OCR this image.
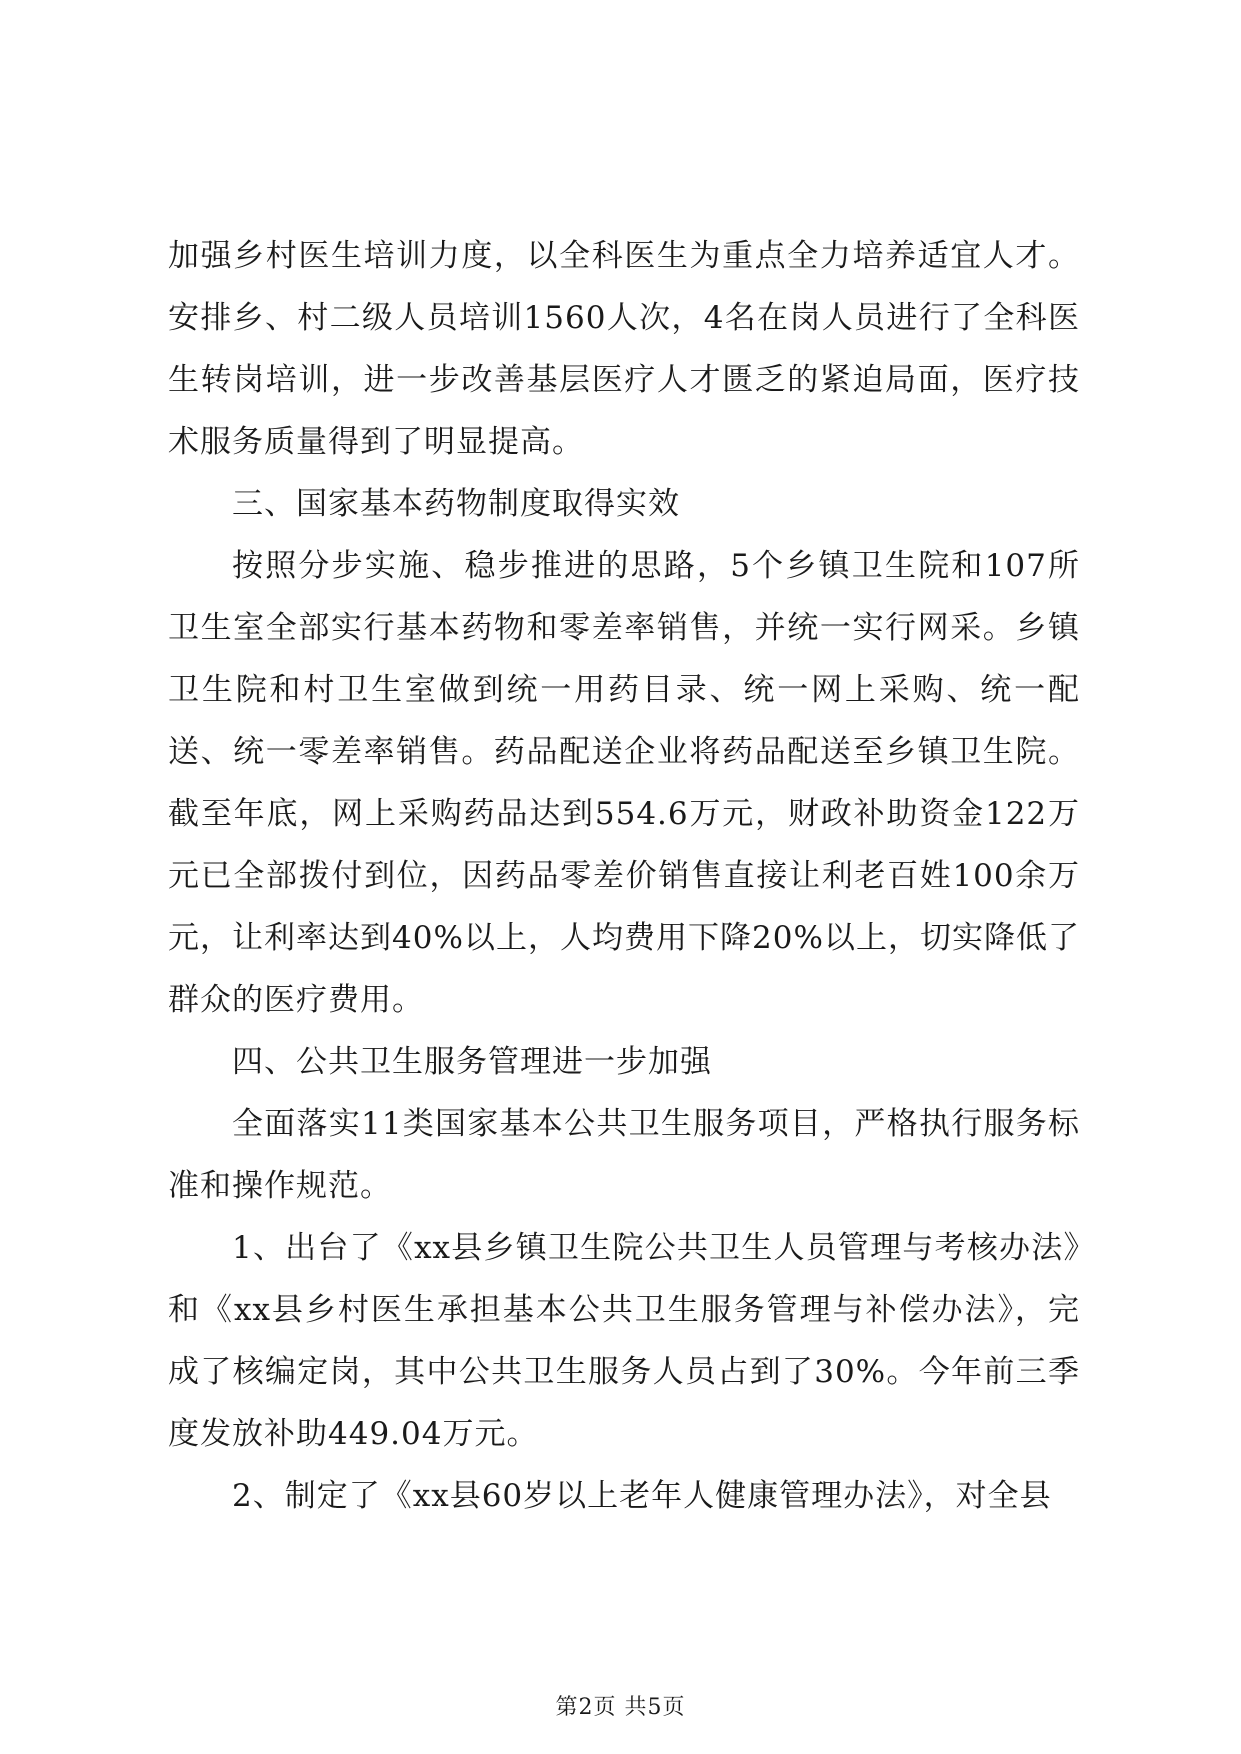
加强乡村医生培训力度，以全科医生为重点全力培养适宜人才。安排乡、村二级人员培训1560人次，4名在岗人员进行了全科医生转岗培训，进一步改善基层医疗人才匮乏的紧迫局面，医疗技术服务质量得到了明显提高。

三、国家基本药物制度取得实效

按照分步实施、稳步推进的思路，5个乡镇卫生院和107所卫生室全部实行基本药物和零差率销售，并统一实行网采。乡镇卫生院和村卫生室做到统一用药目录、统一网上采购、统一配送、统一零差率销售。药品配送企业将药品配送至乡镇卫生院。截至年底，网上采购药品达到554.6万元，财政补助资金122万元已全部拨付到位，因药品零差价销售直接让利老百姓100余万元，让利率达到40%以上，人均费用下降20%以上，切实降低了群众的医疗费用。

四、公共卫生服务管理进一步加强

全面落实11类国家基本公共卫生服务项目，严格执行服务标准和操作规范。

1、出台了《xx县乡镇卫生院公共卫生人员管理与考核办法》和《xx县乡村医生承担基本公共卫生服务管理与补偿办法》，完成了核编定岗，其中公共卫生服务人员占到了30%。今年前三季度发放补助449.04万元。

2、制定了《xx县60岁以上老年人健康管理办法》，对全县

第2页 共5页
